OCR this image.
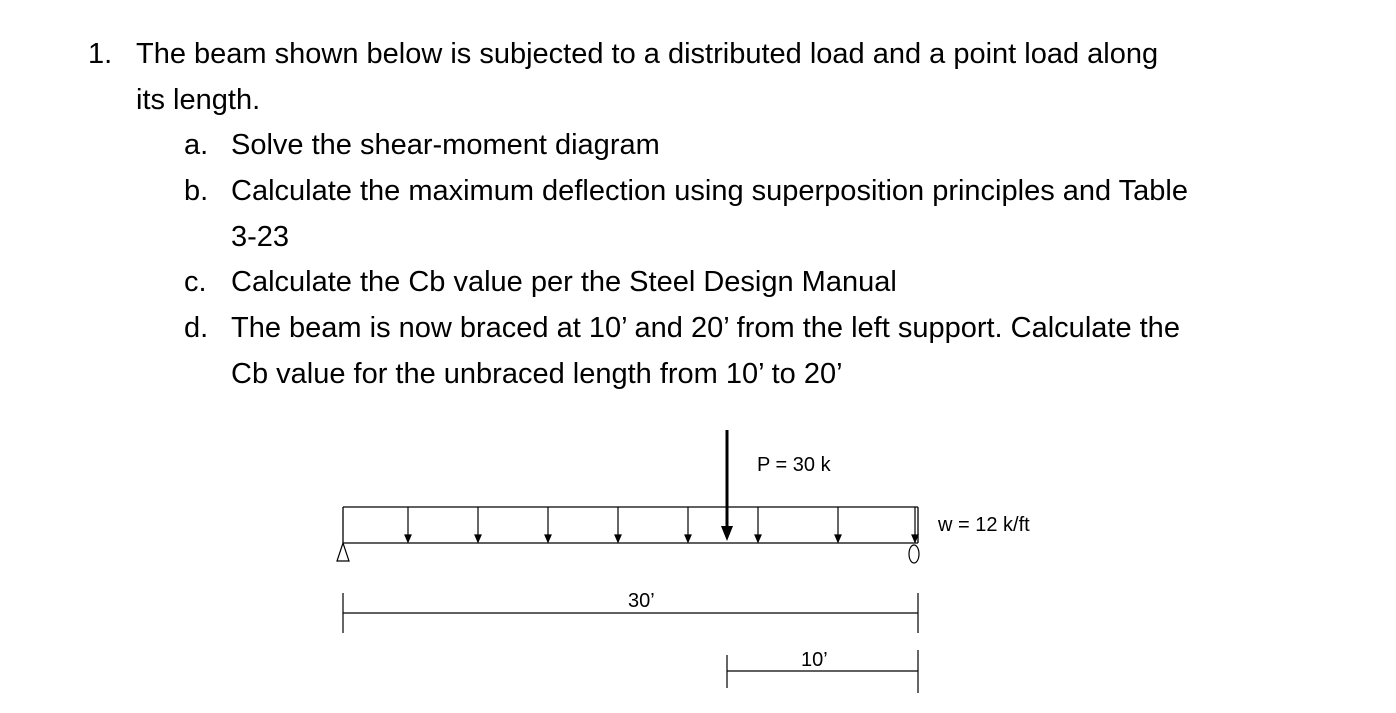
1. The beam shown below is subjected to a distributed load and a point load along
its length.
a. Solve the shear-moment diagram
b. Calculate the maximum deflection using superposition principles and Table
3-23
c. Calculate the Cb value per the Steel Design Manual
d. The beam is now braced at 10’ and 20’ from the left support. Calculate the
Cb value for the unbraced length from 10’ to 20’
P = 30 k
w = 12 k/ft
30’
10’
